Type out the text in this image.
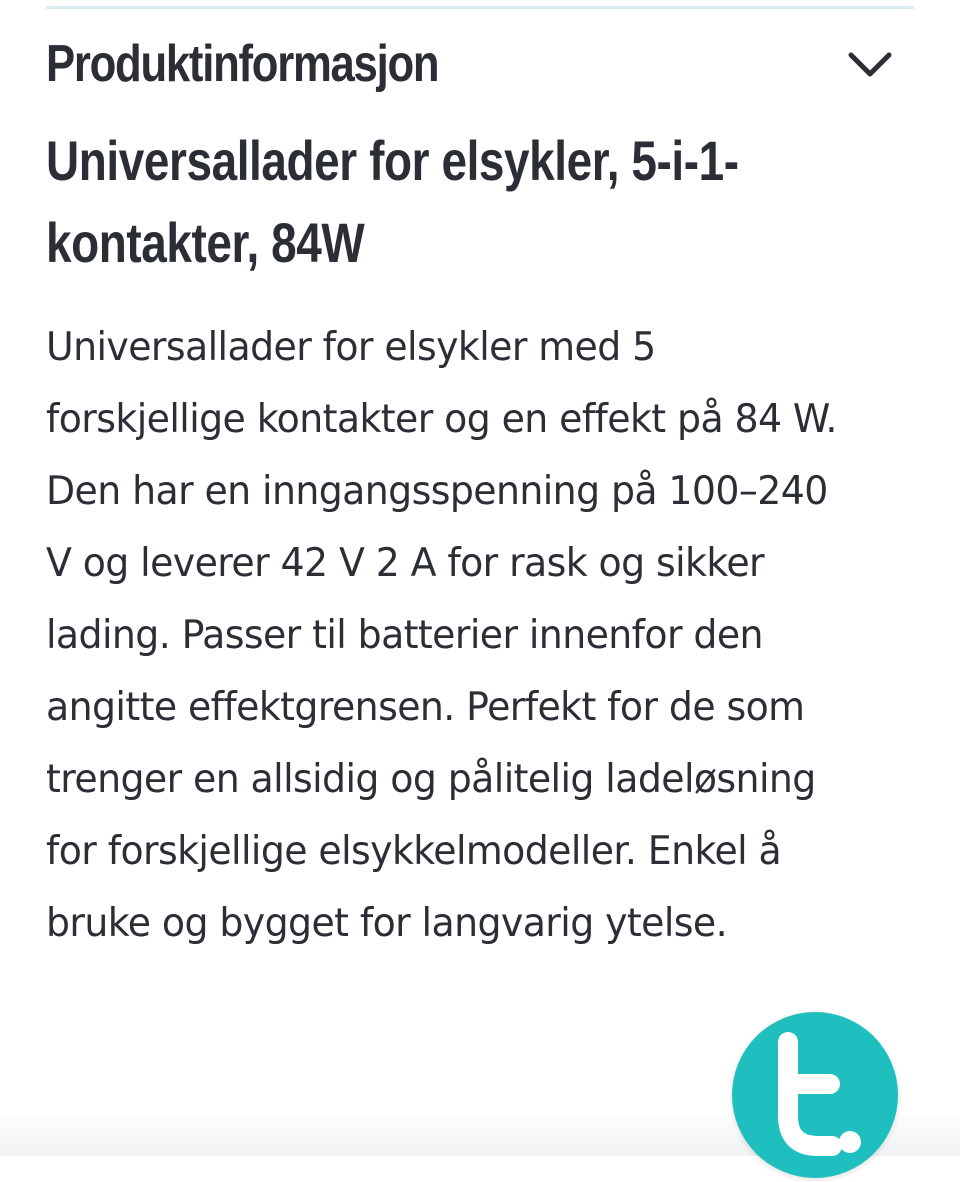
Produktinformasjon
Universallader for elsykler, 5-i-1-kontakter, 84W

Universallader for elsykler med 5 forskjellige kontakter og en effekt på 84 W. Den har en inngangsspenning på 100–240 V og leverer 42 V 2 A for rask og sikker lading. Passer til batterier innenfor den angitte effektgrensen. Perfekt for de som trenger en allsidig og pålitelig ladeløsning for forskjellige elsykkelmodeller. Enkel å bruke og bygget for langvarig ytelse.
